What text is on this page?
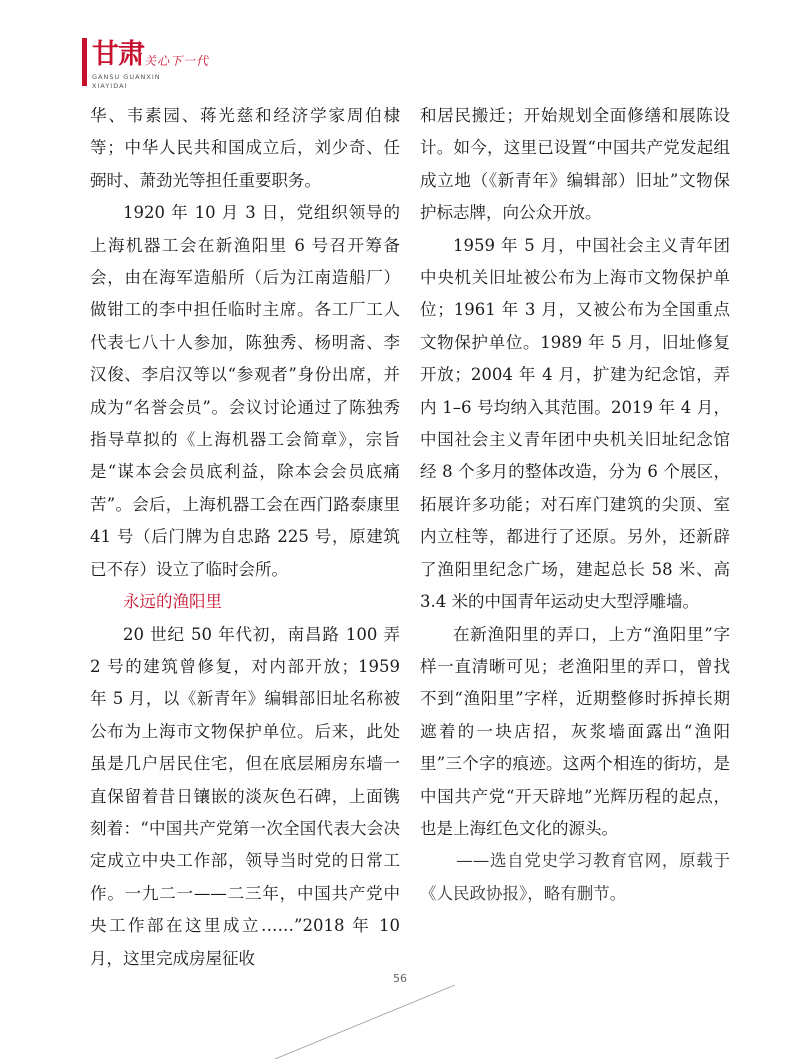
甘肃 关心下一代
GANSU GUANXIN
XIAYIDAI

华、韦素园、蒋光慈和经济学家周伯棣等；中华人民共和国成立后，刘少奇、任弼时、萧劲光等担任重要职务。

1920 年 10 月 3 日，党组织领导的上海机器工会在新渔阳里 6 号召开筹备会，由在海军造船所（后为江南造船厂）做钳工的李中担任临时主席。各工厂工人代表七八十人参加，陈独秀、杨明斋、李汉俊、李启汉等以“参观者”身份出席，并成为“名誉会员”。会议讨论通过了陈独秀指导草拟的《上海机器工会简章》，宗旨是“谋本会会员底利益，除本会会员底痛苦”。会后，上海机器工会在西门路泰康里 41 号（后门牌为自忠路 225 号，原建筑已不存）设立了临时会所。

永远的渔阳里

20 世纪 50 年代初，南昌路 100 弄 2 号的建筑曾修复，对内部开放；1959 年 5 月，以《新青年》编辑部旧址名称被公布为上海市文物保护单位。后来，此处虽是几户居民住宅，但在底层厢房东墙一直保留着昔日镶嵌的淡灰色石碑，上面镌刻着：“中国共产党第一次全国代表大会决定成立中央工作部，领导当时党的日常工作。一九二一——二三年，中国共产党中央工作部在这里成立……”2018 年 10 月，这里完成房屋征收

和居民搬迁；开始规划全面修缮和展陈设计。如今，这里已设置“中国共产党发起组成立地（《新青年》编辑部）旧址”文物保护标志牌，向公众开放。

1959 年 5 月，中国社会主义青年团中央机关旧址被公布为上海市文物保护单位；1961 年 3 月，又被公布为全国重点文物保护单位。1989 年 5 月，旧址修复开放；2004 年 4 月，扩建为纪念馆，弄内 1–6 号均纳入其范围。2019 年 4 月，中国社会主义青年团中央机关旧址纪念馆经 8 个多月的整体改造，分为 6 个展区，拓展许多功能；对石库门建筑的尖顶、室内立柱等，都进行了还原。另外，还新辟了渔阳里纪念广场，建起总长 58 米、高 3.4 米的中国青年运动史大型浮雕墙。

在新渔阳里的弄口，上方“渔阳里”字样一直清晰可见；老渔阳里的弄口，曾找不到“渔阳里”字样，近期整修时拆掉长期遮着的一块店招，灰浆墙面露出“渔阳里”三个字的痕迹。这两个相连的街坊，是中国共产党“开天辟地”光辉历程的起点，也是上海红色文化的源头。

——选自党史学习教育官网，原载于《人民政协报》，略有删节。

56
